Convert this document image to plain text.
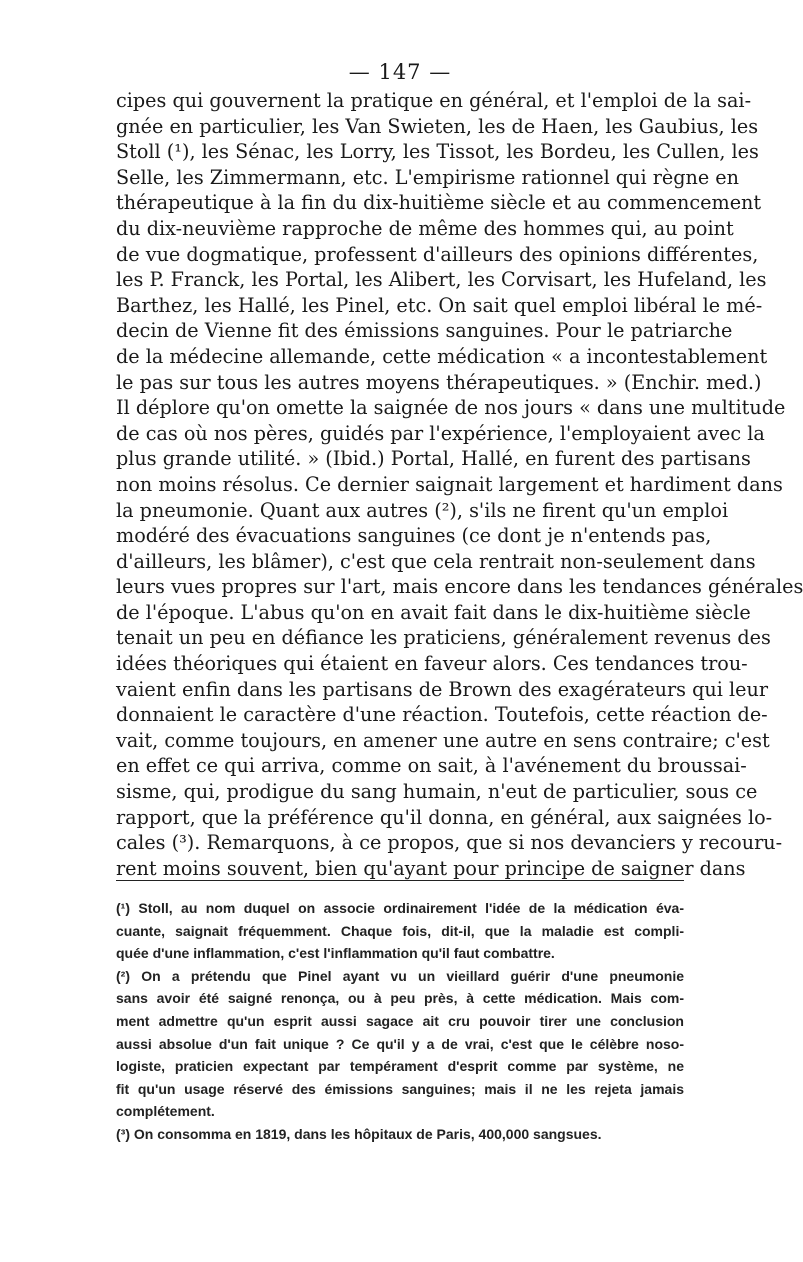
— 147 —
cipes qui gouvernent la pratique en général, et l'emploi de la sai-
gnée en particulier, les Van Swieten, les de Haen, les Gaubius, les
Stoll (¹), les Sénac, les Lorry, les Tissot, les Bordeu, les Cullen, les
Selle, les Zimmermann, etc. L'empirisme rationnel qui règne en
thérapeutique à la fin du dix-huitième siècle et au commencement
du dix-neuvième rapproche de même des hommes qui, au point
de vue dogmatique, professent d'ailleurs des opinions différentes,
les P. Franck, les Portal, les Alibert, les Corvisart, les Hufeland, les
Barthez, les Hallé, les Pinel, etc. On sait quel emploi libéral le mé-
decin de Vienne fit des émissions sanguines. Pour le patriarche
de la médecine allemande, cette médication « a incontestablement
le pas sur tous les autres moyens thérapeutiques. » (Enchir. med.)
Il déplore qu'on omette la saignée de nos jours « dans une multitude
de cas où nos pères, guidés par l'expérience, l'employaient avec la
plus grande utilité. » (Ibid.) Portal, Hallé, en furent des partisans
non moins résolus. Ce dernier saignait largement et hardiment dans
la pneumonie. Quant aux autres (²), s'ils ne firent qu'un emploi
modéré des évacuations sanguines (ce dont je n'entends pas,
d'ailleurs, les blâmer), c'est que cela rentrait non-seulement dans
leurs vues propres sur l'art, mais encore dans les tendances générales
de l'époque. L'abus qu'on en avait fait dans le dix-huitième siècle
tenait un peu en défiance les praticiens, généralement revenus des
idées théoriques qui étaient en faveur alors. Ces tendances trou-
vaient enfin dans les partisans de Brown des exagérateurs qui leur
donnaient le caractère d'une réaction. Toutefois, cette réaction de-
vait, comme toujours, en amener une autre en sens contraire; c'est
en effet ce qui arriva, comme on sait, à l'avénement du broussai-
sisme, qui, prodigue du sang humain, n'eut de particulier, sous ce
rapport, que la préférence qu'il donna, en général, aux saignées lo-
cales (³). Remarquons, à ce propos, que si nos devanciers y recouru-
rent moins souvent, bien qu'ayant pour principe de saigner dans
(¹) Stoll, au nom duquel on associe ordinairement l'idée de la médication éva-
cuante, saignait fréquemment. Chaque fois, dit-il, que la maladie est compli-
quée d'une inflammation, c'est l'inflammation qu'il faut combattre.
(²) On a prétendu que Pinel ayant vu un vieillard guérir d'une pneumonie
sans avoir été saigné renonça, ou à peu près, à cette médication. Mais com-
ment admettre qu'un esprit aussi sagace ait cru pouvoir tirer une conclusion
aussi absolue d'un fait unique ? Ce qu'il y a de vrai, c'est que le célèbre noso-
logiste, praticien expectant par tempérament d'esprit comme par système, ne
fit qu'un usage réservé des émissions sanguines; mais il ne les rejeta jamais
complétement.
(³) On consomma en 1819, dans les hôpitaux de Paris, 400,000 sangsues.
